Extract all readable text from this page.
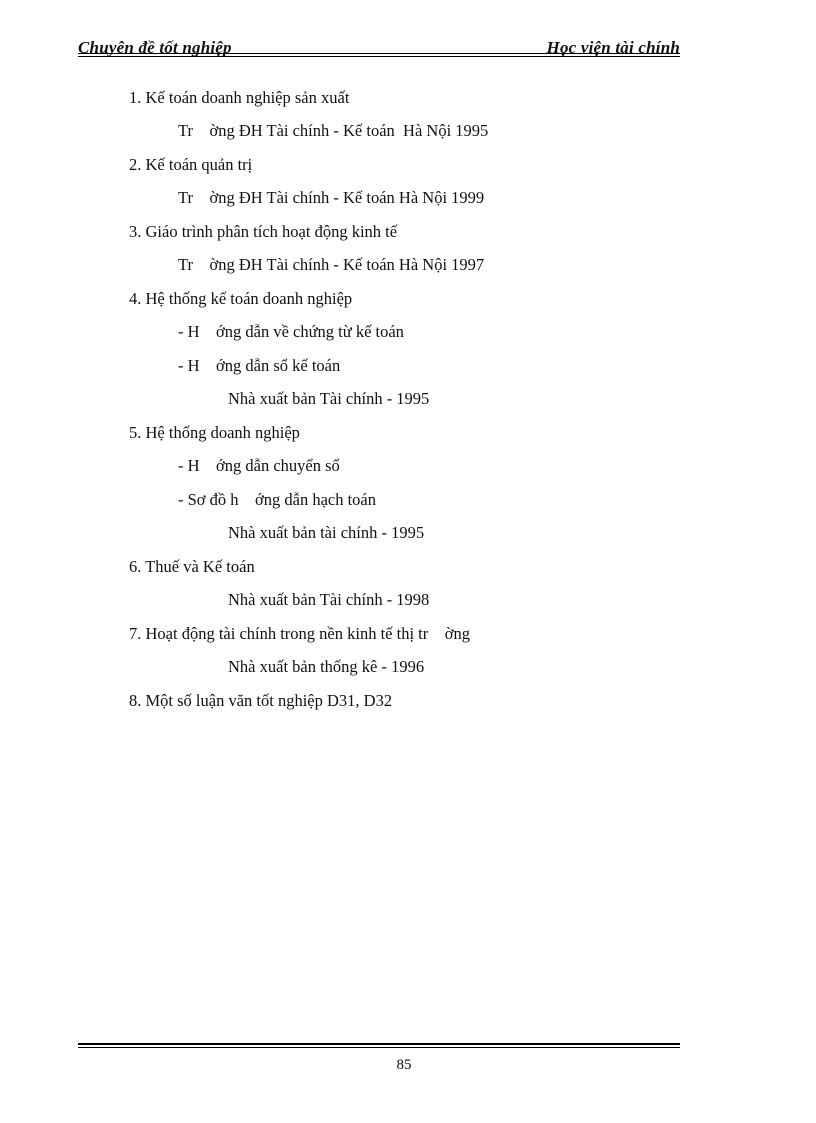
Chuyên đề tốt nghiệp	Học viện tài chính
1. Kế toán doanh nghiệp sản xuất
Tr    ờng ĐH Tài chính - Kế toán  Hà Nội 1995
2. Kế toán quản trị
Tr    ờng ĐH Tài chính - Kế toán Hà Nội 1999
3. Giáo trình phân tích hoạt động kinh tế
Tr    ờng ĐH Tài chính - Kế toán Hà Nội 1997
4. Hệ thống kế toán doanh nghiệp
- H    ớng dẫn về chứng từ kế toán
- H    ớng dẫn sổ kế toán
Nhà xuất bản Tài chính - 1995
5. Hệ thống doanh nghiệp
- H    ớng dẫn chuyển sổ
- Sơ đồ h    ớng dẫn hạch toán
Nhà xuất bản tài chính - 1995
6. Thuế và Kế toán
Nhà xuất bản Tài chính - 1998
7. Hoạt động tài chính trong nền kinh tế thị tr    ờng
Nhà xuất bản thống kê - 1996
8. Một số luận văn tốt nghiệp D31, D32
85
